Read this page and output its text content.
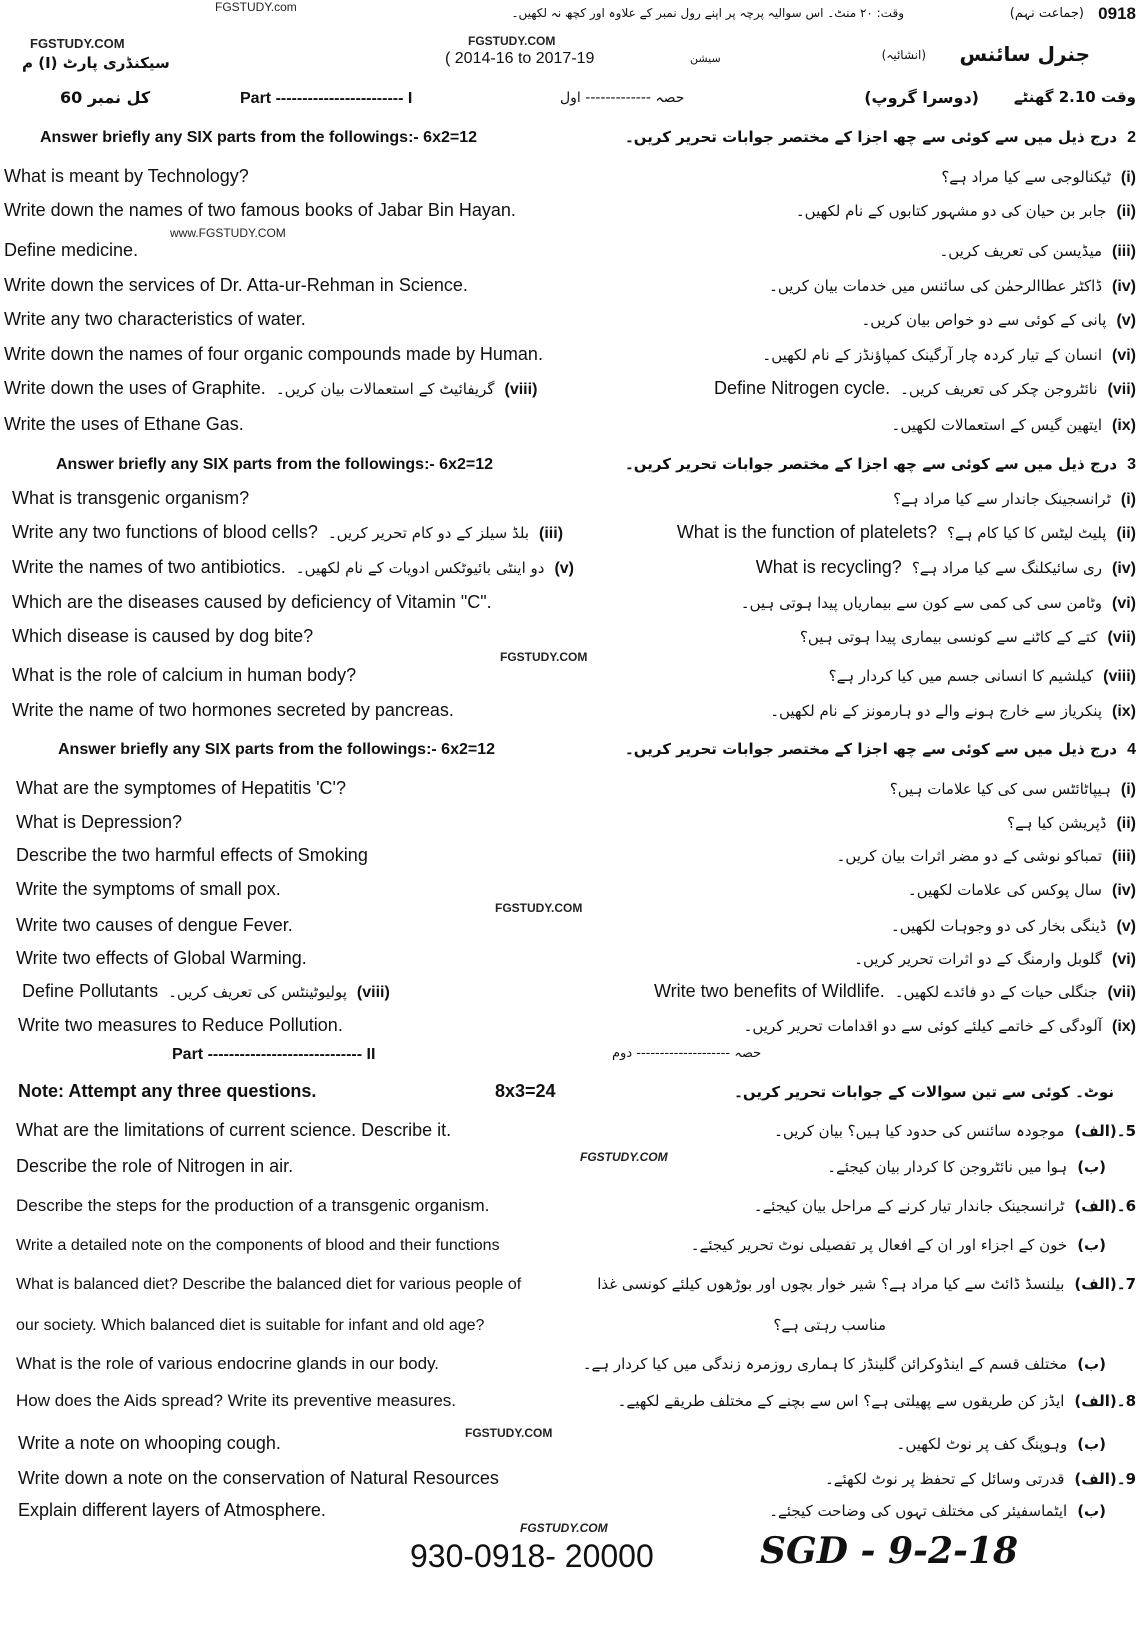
FGSTUDY.com	0918
(جماعت نہم)
وقت: ۲۰ منٹ۔ اس سوالیہ پرچہ پر اپنے رول نمبر کے علاوہ اور کچھ نہ لکھیں۔
FGSTUDY.COM
سیکنڈری پارٹ (I) م
FGSTUDY.COM
( 2014-16 to 2017-19	سیشن	جنرل سائنس
(انشائیہ)
وقت 2.10 گھنٹے
(دوسرا گروپ)
کل نمبر 60	Part ------------------------ I	حصہ ------------- اول
Answer briefly any SIX parts from the followings:- 6x2=12	درج ذیل میں سے کوئی سے چھ اجزا کے مختصر جوابات تحریر کریں۔ 2
What is meant by Technology?	ٹیکنالوجی سے کیا مراد ہے؟ (i)
Write down the names of two famous books of Jabar Bin Hayan.	جابر بن حیان کی دو مشہور کتابوں کے نام لکھیں۔ (ii)
www.FGSTUDY.COM
Define medicine.	میڈیسن کی تعریف کریں۔ (iii)
Write down the services of Dr. Atta-ur-Rehman in Science.	ڈاکٹر عطاالرحمٰن کی سائنس میں خدمات بیان کریں۔ (iv)
Write any two characteristics of water.	پانی کے کوئی سے دو خواص بیان کریں۔ (v)
Write down the names of four organic compounds made by Human.	انسان کے تیار کردہ چار آرگینک کمپاؤنڈز کے نام لکھیں۔ (vi)
Write down the uses of Graphite. گریفائیٹ کے استعمالات بیان کریں۔ (viii)	Define Nitrogen cycle. نائٹروجن چکر کی تعریف کریں۔ (vii)
Write the uses of Ethane Gas.	ایتھین گیس کے استعمالات لکھیں۔ (ix)
Answer briefly any SIX parts from the followings:- 6x2=12	درج ذیل میں سے کوئی سے چھ اجزا کے مختصر جوابات تحریر کریں۔ 3
What is transgenic organism?	ٹرانسجینک جاندار سے کیا مراد ہے؟ (i)
Write any two functions of blood cells? بلڈ سیلز کے دو کام تحریر کریں۔ (iii)	What is the function of platelets? پلیٹ لیٹس کا کیا کام ہے؟ (ii)
Write the names of two antibiotics. دو اینٹی بائیوٹکس ادویات کے نام لکھیں۔ (v)	What is recycling? ری سائیکلنگ سے کیا مراد ہے؟ (iv)
Which are the diseases caused by deficiency of Vitamin "C".	وٹامن سی کی کمی سے کون سے بیماریاں پیدا ہوتی ہیں۔ (vi)
Which disease is caused by dog bite?	کتے کے کاٹنے سے کونسی بیماری پیدا ہوتی ہیں؟ (vii)
FGSTUDY.COM
What is the role of calcium in human body?	کیلشیم کا انسانی جسم میں کیا کردار ہے؟ (viii)
Write the name of two hormones secreted by pancreas.	پنکریاز سے خارج ہونے والے دو ہارمونز کے نام لکھیں۔ (ix)
Answer briefly any SIX parts from the followings:- 6x2=12	درج ذیل میں سے کوئی سے چھ اجزا کے مختصر جوابات تحریر کریں۔ 4
What are the symptomes of Hepatitis 'C'?	ہیپاٹائٹس سی کی کیا علامات ہیں؟ (i)
What is Depression?	ڈپریشن کیا ہے؟ (ii)
Describe the two harmful effects of Smoking	تمباکو نوشی کے دو مضر اثرات بیان کریں۔ (iii)
Write the symptoms of small pox.	سال پوکس کی علامات لکھیں۔ (iv)
FGSTUDY.COM
Write two causes of dengue Fever.	ڈینگی بخار کی دو وجوہات لکھیں۔ (v)
Write two effects of Global Warming.	گلوبل وارمنگ کے دو اثرات تحریر کریں۔ (vi)
Define Pollutants پولیوٹینٹس کی تعریف کریں۔ (viii)	Write two benefits of Wildlife. جنگلی حیات کے دو فائدے لکھیں۔ (vii)
Write two measures to Reduce Pollution.	آلودگی کے خاتمے کیلئے کوئی سے دو اقدامات تحریر کریں۔ (ix)
Part ----------------------------- II	حصہ -------------------- دوم
Note: Attempt any three questions.	8x3=24	نوٹ۔ کوئی سے تین سوالات کے جوابات تحریر کریں۔
What are the limitations of current science. Describe it.	موجودہ سائنس کی حدود کیا ہیں؟ بیان کریں۔ 5۔(الف)
FGSTUDY.COM
Describe the role of Nitrogen in air.	ہوا میں نائٹروجن کا کردار بیان کیجئے۔ (ب)
Describe the steps for the production of a transgenic organism.	ٹرانسجینک جاندار تیار کرنے کے مراحل بیان کیجئے۔ 6۔(الف)
Write a detailed note on the components of blood and their functions	خون کے اجزاء اور ان کے افعال پر تفصیلی نوٹ تحریر کیجئے۔ (ب)
What is balanced diet? Describe the balanced diet for various people of	بیلنسڈ ڈائٹ سے کیا مراد ہے؟ شیر خوار بچوں اور بوڑھوں کیلئے کونسی غذا 7۔(الف)
our society. Which balanced diet is suitable for infant and old age?	مناسب رہتی ہے؟
What is the role of various endocrine glands in our body.	مختلف قسم کے اینڈوکرائن گلینڈز کا ہماری روزمرہ زندگی میں کیا کردار ہے۔ (ب)
How does the Aids spread? Write its preventive measures.	ایڈز کن طریقوں سے پھیلتی ہے؟ اس سے بچنے کے مختلف طریقے لکھیے۔ 8۔(الف)
FGSTUDY.COM
Write a note on whooping cough.	وہوپنگ کف پر نوٹ لکھیں۔ (ب)
Write down a note on the conservation of Natural Resources	قدرتی وسائل کے تحفظ پر نوٹ لکھئے۔ 9۔(الف)
Explain different layers of Atmosphere.	ایٹماسفیئر کی مختلف تہوں کی وضاحت کیجئے۔ (ب)
FGSTUDY.COM
930-0918- 20000	SGD - 9-2-18
